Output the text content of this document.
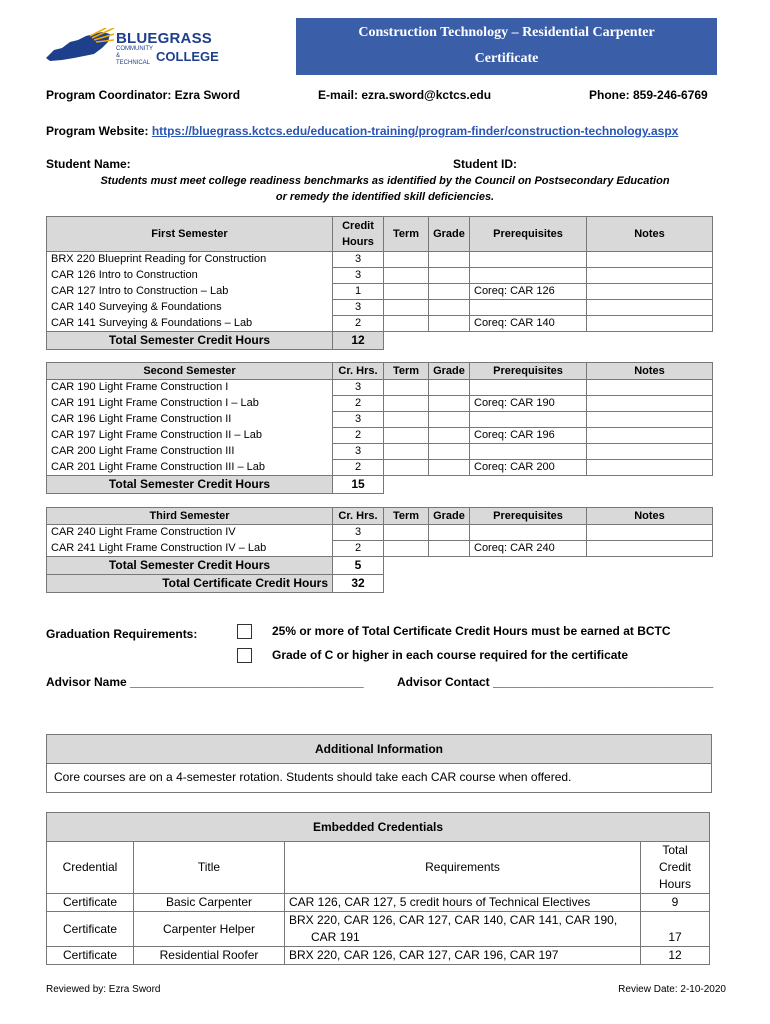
BLUEGRASS
COMMUNITY
& TECHNICAL COLLEGE
Construction Technology – Residential Carpenter
Certificate
Program Coordinator: Ezra Sword	E-mail: ezra.sword@kctcs.edu	Phone: 859-246-6769
Program Website: https://bluegrass.kctcs.edu/education-training/program-finder/construction-technology.aspx
Student Name:	Student ID:
Students must meet college readiness benchmarks as identified by the Council on Postsecondary Education
or remedy the identified skill deficiencies.
First Semester	Credit
Hours	Term	Grade	Prerequisites	Notes
BRX 220 Blueprint Reading for Construction	3				
CAR 126 Intro to Construction	3				
CAR 127 Intro to Construction – Lab	1			Coreq: CAR 126	
CAR 140 Surveying & Foundations	3				
CAR 141 Surveying & Foundations – Lab	2			Coreq: CAR 140	
Total Semester Credit Hours	12				
Second Semester	Cr. Hrs.	Term	Grade	Prerequisites	Notes
CAR 190 Light Frame Construction I	3				
CAR 191 Light Frame Construction I – Lab	2			Coreq: CAR 190	
CAR 196 Light Frame Construction II	3				
CAR 197 Light Frame Construction II – Lab	2			Coreq: CAR 196	
CAR 200 Light Frame Construction III	3				
CAR 201 Light Frame Construction III – Lab	2			Coreq: CAR 200	
Total Semester Credit Hours	15				
Third Semester	Cr. Hrs.	Term	Grade	Prerequisites	Notes
CAR 240 Light Frame Construction IV	3				
CAR 241 Light Frame Construction IV – Lab	2			Coreq: CAR 240	
Total Semester Credit Hours	5				
Total Certificate Credit Hours	32				
Graduation Requirements:	25% or more of Total Certificate Credit Hours must be earned at BCTC
Grade of C or higher in each course required for the certificate
Advisor Name ___________________________________	Advisor Contact _________________________________
Additional Information
Core courses are on a 4-semester rotation. Students should take each CAR course when offered.
Embedded Credentials			
Credential	Title	Requirements	Total Credit
Hours

Certificate	Basic Carpenter	CAR 126, CAR 127, 5 credit hours of Technical Electives	9
Certificate	Carpenter Helper	BRX 220, CAR 126, CAR 127, CAR 140, CAR 141, CAR 190,
CAR 191	17
Certificate	Residential Roofer	BRX 220, CAR 126, CAR 127, CAR 196, CAR 197	12
Reviewed by: Ezra Sword	Review Date: 2-10-2020
